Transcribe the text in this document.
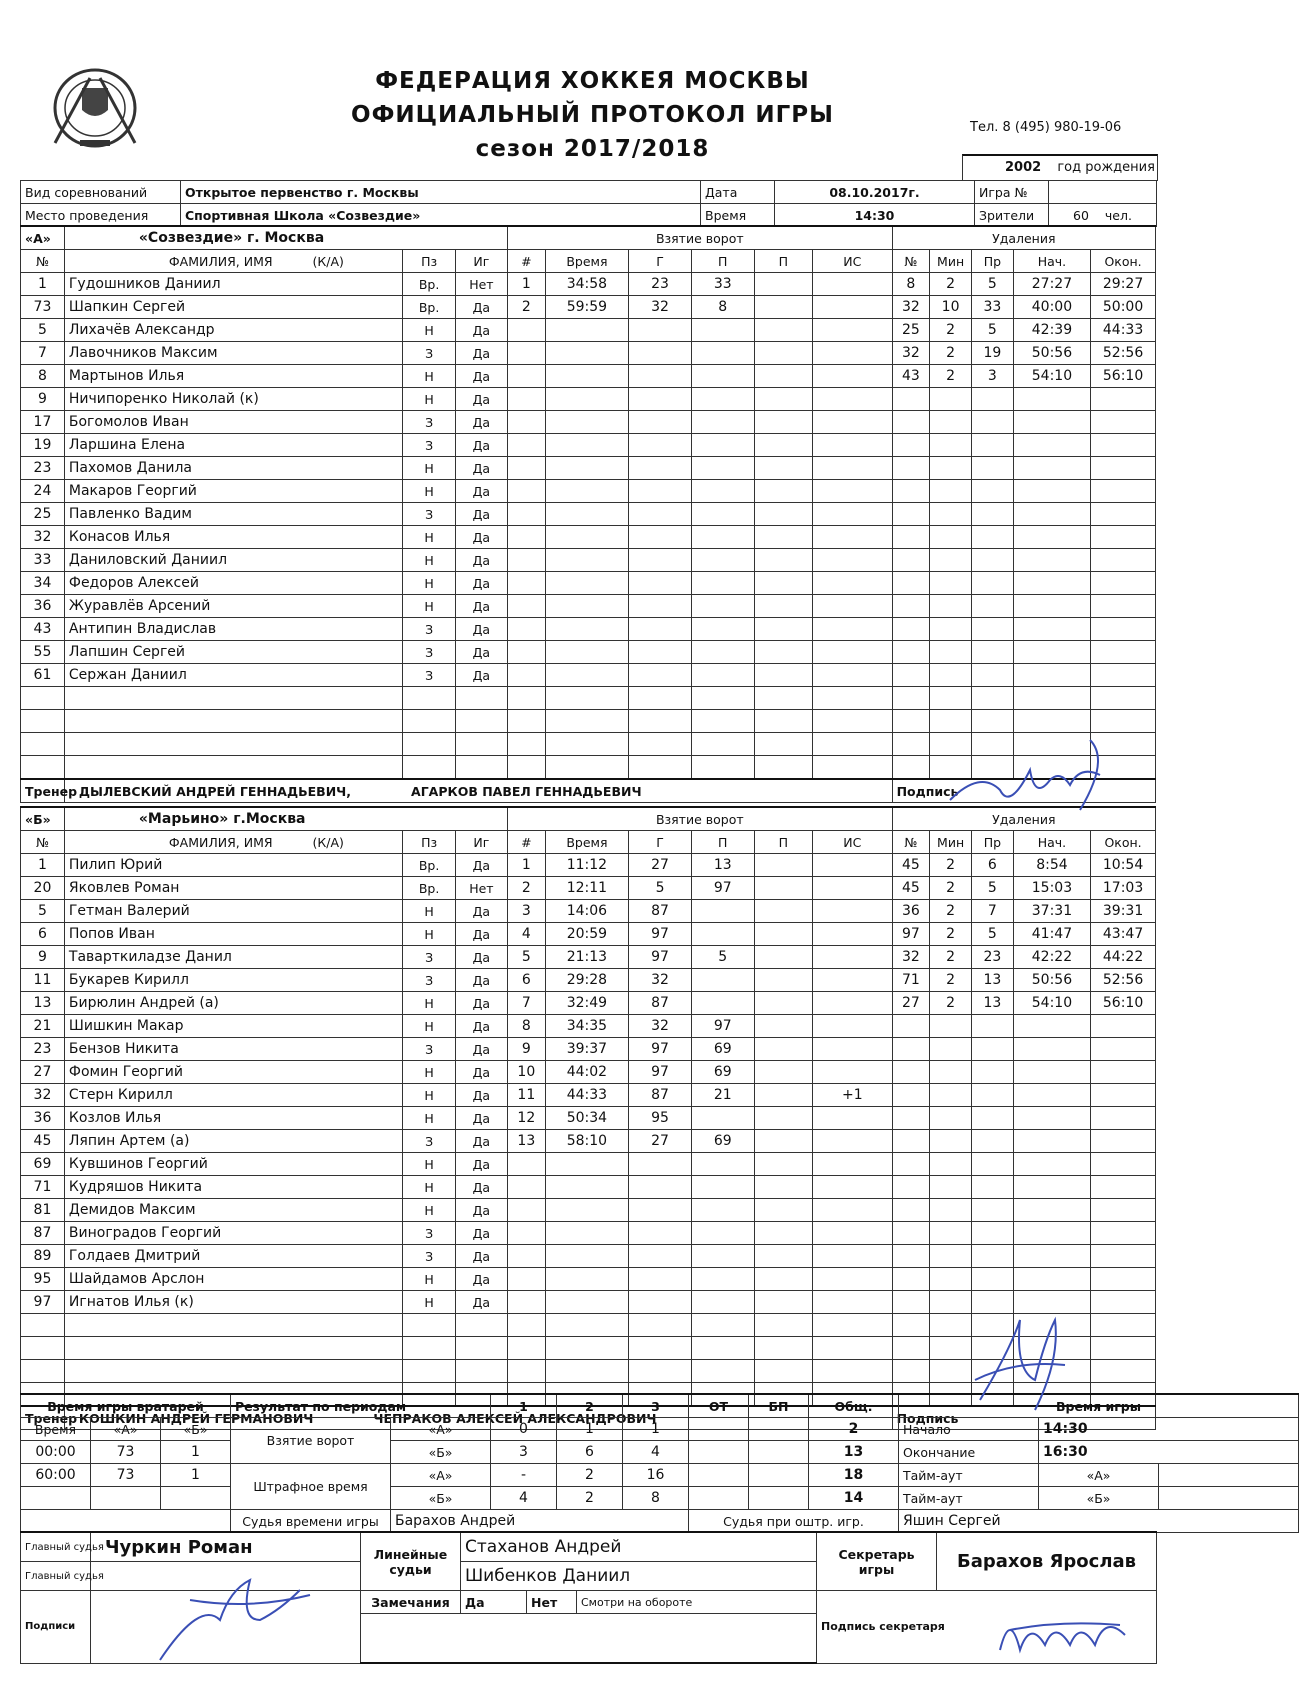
ФЕДЕРАЦИЯ ХОККЕЯ МОСКВЫ
ОФИЦИАЛЬНЫЙ ПРОТОКОЛ ИГРЫ
сезон 2017/2018
Тел. 8 (495) 980-19-06

Вид соревнований	Открытое первенство г. Москвы	Дата	08.10.2017г.	Игра №	
Место проведения	Спортивная Школа «Созвездие»	Время	14:30	Зрители	60 чел.
2002 год рождения
«А»	«Созвездие» г. Москва			Взятие ворот						Удаления				
№	ФАМИЛИЯ, ИМЯ (К/А)	Пз	Иг	#	Время	Г	П	П	ИС	№	Мин	Пр	Нач.	Окон.
1	Гудошников Даниил	Вр.	Нет	1	34:58	23	33			8	2	5	27:27	29:27
73	Шапкин Сергей	Вр.	Да	2	59:59	32	8			32	10	33	40:00	50:00
5	Лихачёв Александр	Н	Да							25	2	5	42:39	44:33
7	Лавочников Максим	З	Да							32	2	19	50:56	52:56
8	Мартынов Илья	Н	Да							43	2	3	54:10	56:10
9	Ничипоренко Николай (к)	Н	Да											
17	Богомолов Иван	З	Да											
19	Ларшина Елена	З	Да											
23	Пахомов Данила	Н	Да											
24	Макаров Георгий	Н	Да											
25	Павленко Вадим	З	Да											
32	Конасов Илья	Н	Да											
33	Даниловский Даниил	Н	Да											
34	Федоров Алексей	Н	Да											
36	Журавлёв Арсений	Н	Да											
43	Антипин Владислав	З	Да											
55	Лапшин Сергей	З	Да											
61	Сержан Даниил	З	Да											

Тренер	ДЫЛЕВСКИЙ АНДРЕЙ ГЕННАДЬЕВИЧ, АГАРКОВ ПАВЕЛ ГЕННАДЬЕВИЧ									Подпись				
«Б»	«Марьино» г.Москва			Взятие ворот						Удаления				
№	ФАМИЛИЯ, ИМЯ (К/А)	Пз	Иг	#	Время	Г	П	П	ИС	№	Мин	Пр	Нач.	Окон.
1	Пилип Юрий	Вр.	Да	1	11:12	27	13			45	2	6	8:54	10:54
20	Яковлев Роман	Вр.	Нет	2	12:11	5	97			45	2	5	15:03	17:03
5	Гетман Валерий	Н	Да	3	14:06	87				36	2	7	37:31	39:31
6	Попов Иван	Н	Да	4	20:59	97				97	2	5	41:47	43:47
9	Таварткиладзе Данил	З	Да	5	21:13	97	5			32	2	23	42:22	44:22
11	Букарев Кирилл	З	Да	6	29:28	32				71	2	13	50:56	52:56
13	Бирюлин Андрей (а)	Н	Да	7	32:49	87				27	2	13	54:10	56:10
21	Шишкин Макар	Н	Да	8	34:35	32	97							
23	Бензов Никита	З	Да	9	39:37	97	69							
27	Фомин Георгий	Н	Да	10	44:02	97	69							
32	Стерн Кирилл	Н	Да	11	44:33	87	21		+1					
36	Козлов Илья	Н	Да	12	50:34	95								
45	Ляпин Артем (а)	З	Да	13	58:10	27	69							
69	Кувшинов Георгий	Н	Да											
71	Кудряшов Никита	Н	Да											
81	Демидов Максим	Н	Да											
87	Виноградов Георгий	З	Да											
89	Голдаев Дмитрий	З	Да											
95	Шайдамов Арслон	Н	Да											
97	Игнатов Илья (к)	Н	Да											

Тренер	КОШКИН АНДРЕЙ ГЕРМАНОВИЧ ЧЕПРАКОВ АЛЕКСЕЙ АЛЕКСАНДРОВИЧ									Подпись				
Время игры вратарей			Результат по периодам		1	2	3	ОТ	БП	Общ.	Время игры		
Время	«А»	«Б»	Взятие ворот	«А»	0	1	1			2	Начало	14:30	
00:00	73	1		«Б»	3	6	4			13	Окончание	16:30	
60:00	73	1	Штрафное время	«А»	-	2	16			18	Тайм-аут	«А»	
				«Б»	4	2	8			14	Тайм-аут	«Б»	
			Судья времени игры	Барахов Андрей				Судья при оштр. игр.			Яшин Сергей		
Главный судья	Чуркин Роман	Линейные судьи	Стаханов Андрей			Секретарь игры	Барахов Ярослав
Главный судья			Шибенков Даниил				
Подписи		Замечания	Да	Нет	Смотри на обороте	Подпись секретаря	
